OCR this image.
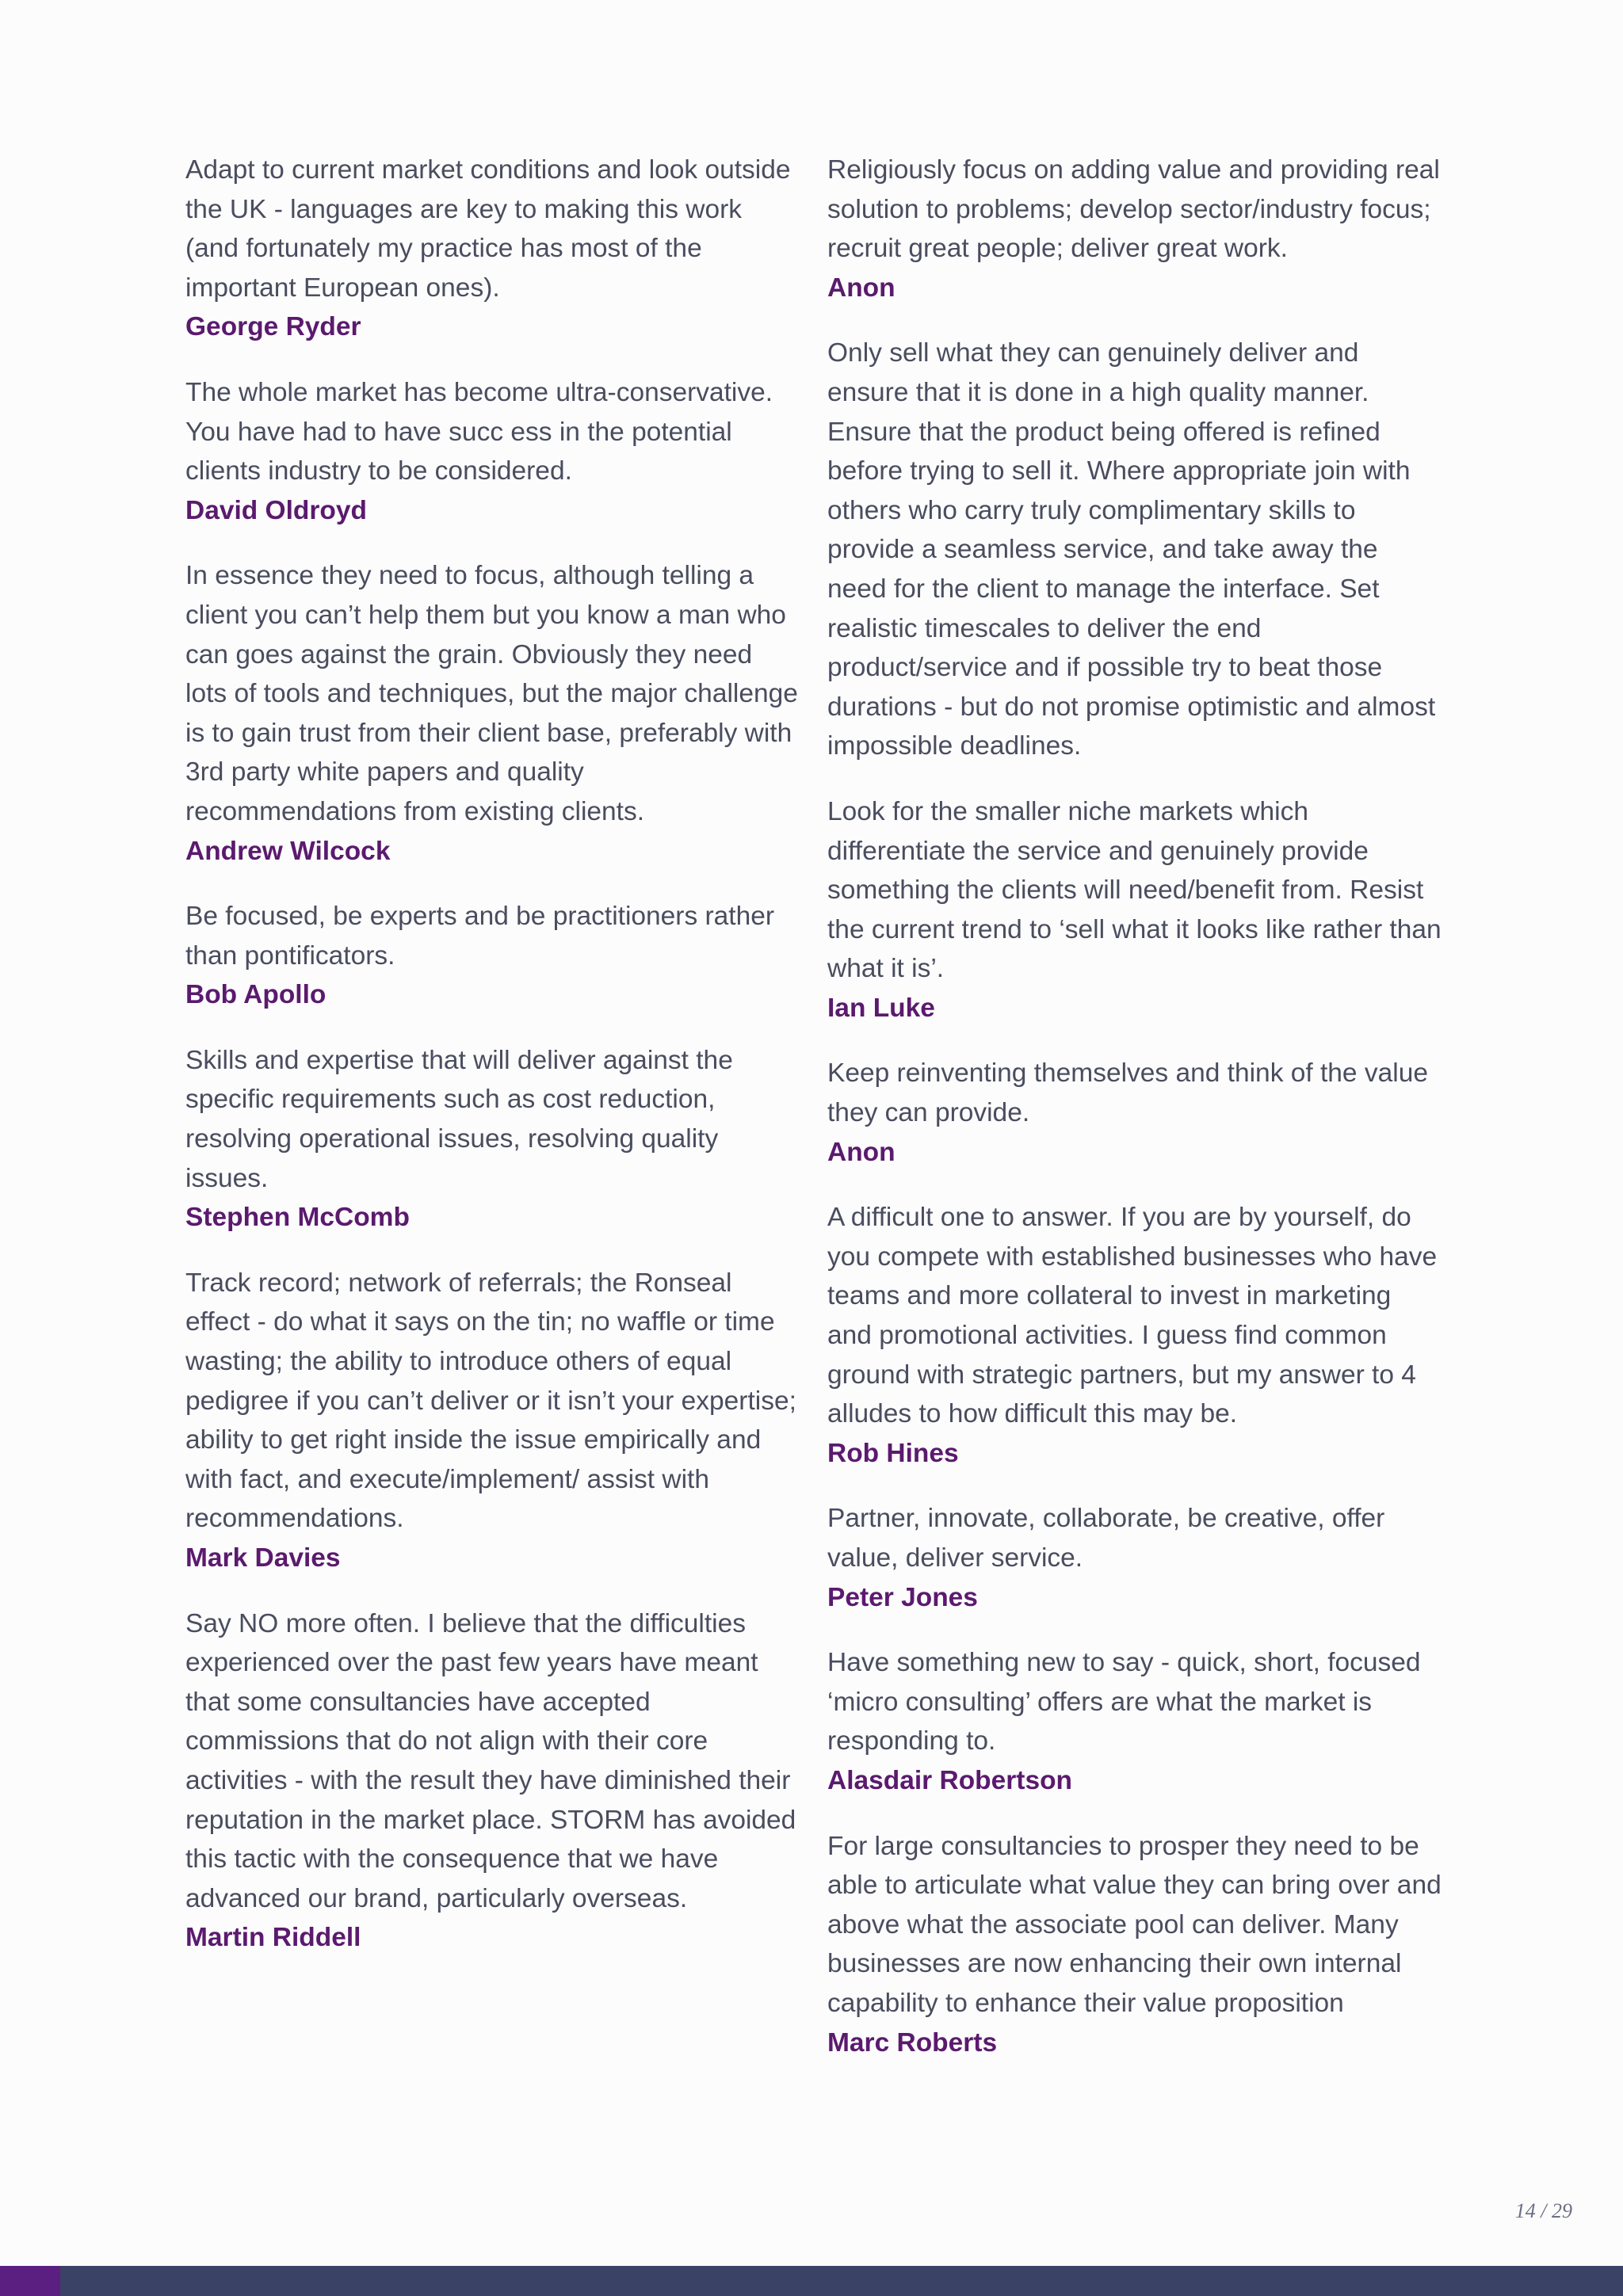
Adapt to current market conditions and look outside the UK - languages are key to making this work (and fortunately my practice has most of the important European ones).

George Ryder

The whole market has become ultra-conservative. You have had to have succ ess in the potential clients industry to be considered.

David Oldroyd

In essence they need to focus, although telling a client you can’t help them but you know a man who can goes against the grain. Obviously they need lots of tools and techniques, but the major challenge is to gain trust from their client base, preferably with 3rd party white papers and quality recommendations from existing clients.

Andrew Wilcock

Be focused, be experts and be practitioners rather than pontificators.

Bob Apollo

Skills and expertise that will deliver against the specific requirements such as cost reduction, resolving operational issues, resolving quality issues.

Stephen McComb

Track record; network of referrals; the Ronseal effect - do what it says on the tin; no waffle or time wasting; the ability to introduce others of equal pedigree if you can’t deliver or it isn’t your expertise; ability to get right inside the issue empirically and with fact, and execute/implement/ assist with recommendations.

Mark Davies

Say NO more often. I believe that the difficulties experienced over the past few years have meant that some consultancies have accepted commissions that do not align with their core activities - with the result they have diminished their reputation in the market place. STORM has avoided this tactic with the consequence that we have advanced our brand, particularly overseas.

Martin Riddell

Religiously focus on adding value and providing real solution to problems; develop sector/industry focus; recruit great people; deliver great work.

Anon

Only sell what they can genuinely deliver and ensure that it is done in a high quality manner. Ensure that the product being offered is refined before trying to sell it. Where appropriate join with others who carry truly complimentary skills to provide a seamless service, and take away the need for the client to manage the interface. Set realistic timescales to deliver the end product/service and if possible try to beat those durations - but do not promise optimistic and almost impossible deadlines.

Look for the smaller niche markets which differentiate the service and genuinely provide something the clients will need/benefit from. Resist the current trend to ‘sell what it looks like rather than what it is’.

Ian Luke

Keep reinventing themselves and think of the value they can provide.

Anon

A difficult one to answer. If you are by yourself, do you compete with established businesses who have teams and more collateral to invest in marketing and promotional activities. I guess find common ground with strategic partners, but my answer to 4 alludes to how difficult this may be.

Rob Hines

Partner, innovate, collaborate, be creative, offer value, deliver service.

Peter Jones

Have something new to say - quick, short, focused ‘micro consulting’ offers are what the market is responding to.

Alasdair Robertson

For large consultancies to prosper they need to be able to articulate what value they can bring over and above what the associate pool can deliver. Many businesses are now enhancing their own internal capability to enhance their value proposition

Marc Roberts

14 / 29
